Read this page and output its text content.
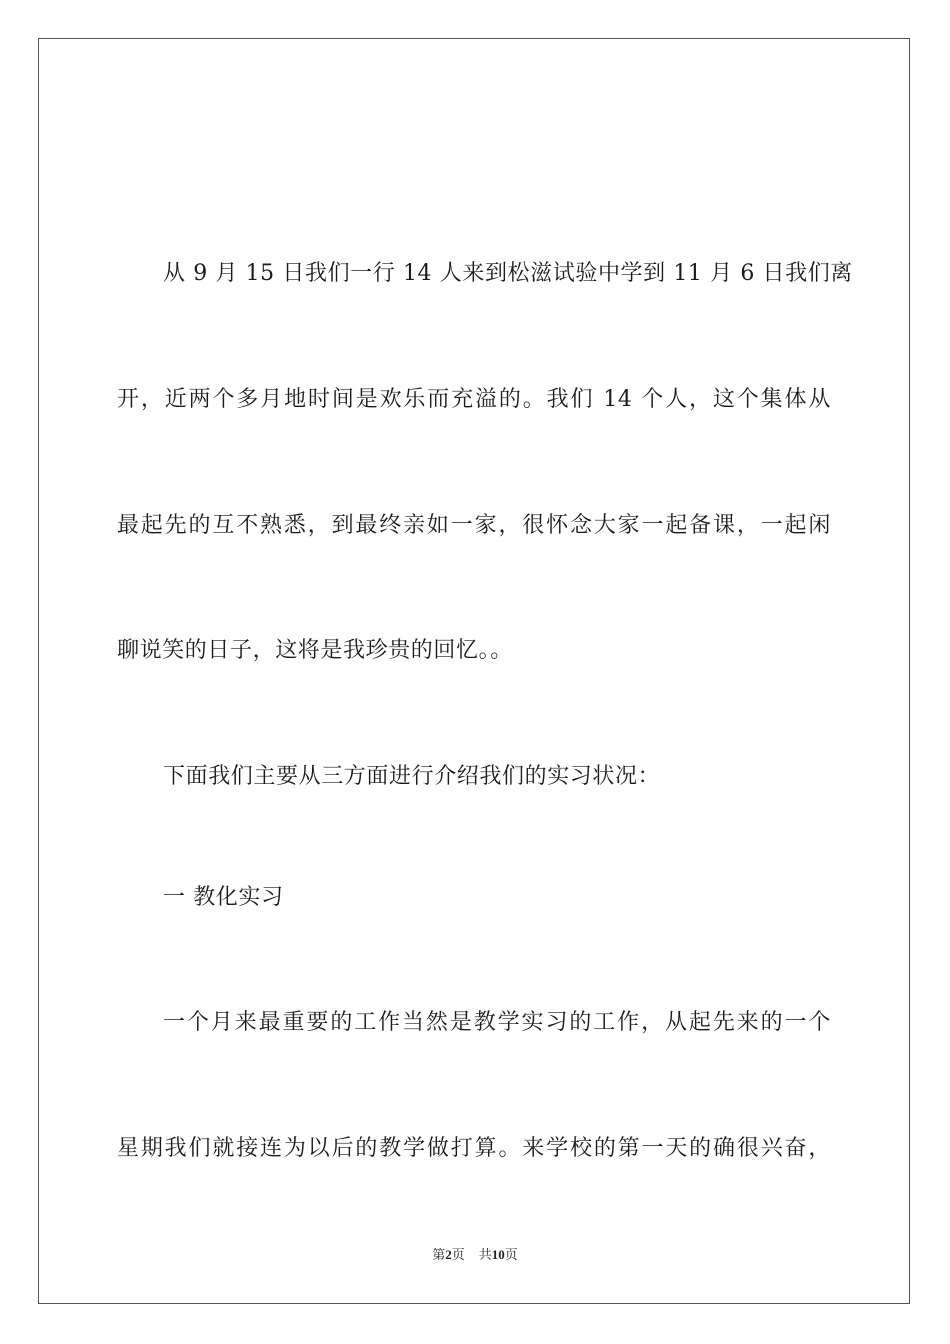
从 9 月 15 日我们一行 14 人来到松滋试验中学到 11 月 6 日我们离
开，近两个多月地时间是欢乐而充溢的。我们 14 个人，这个集体从
最起先的互不熟悉，到最终亲如一家，很怀念大家一起备课，一起闲
聊说笑的日子，这将是我珍贵的回忆。。
下面我们主要从三方面进行介绍我们的实习状况：
一 教化实习
一个月来最重要的工作当然是教学实习的工作，从起先来的一个
星期我们就接连为以后的教学做打算。来学校的第一天的确很兴奋，
第2页 共10页
